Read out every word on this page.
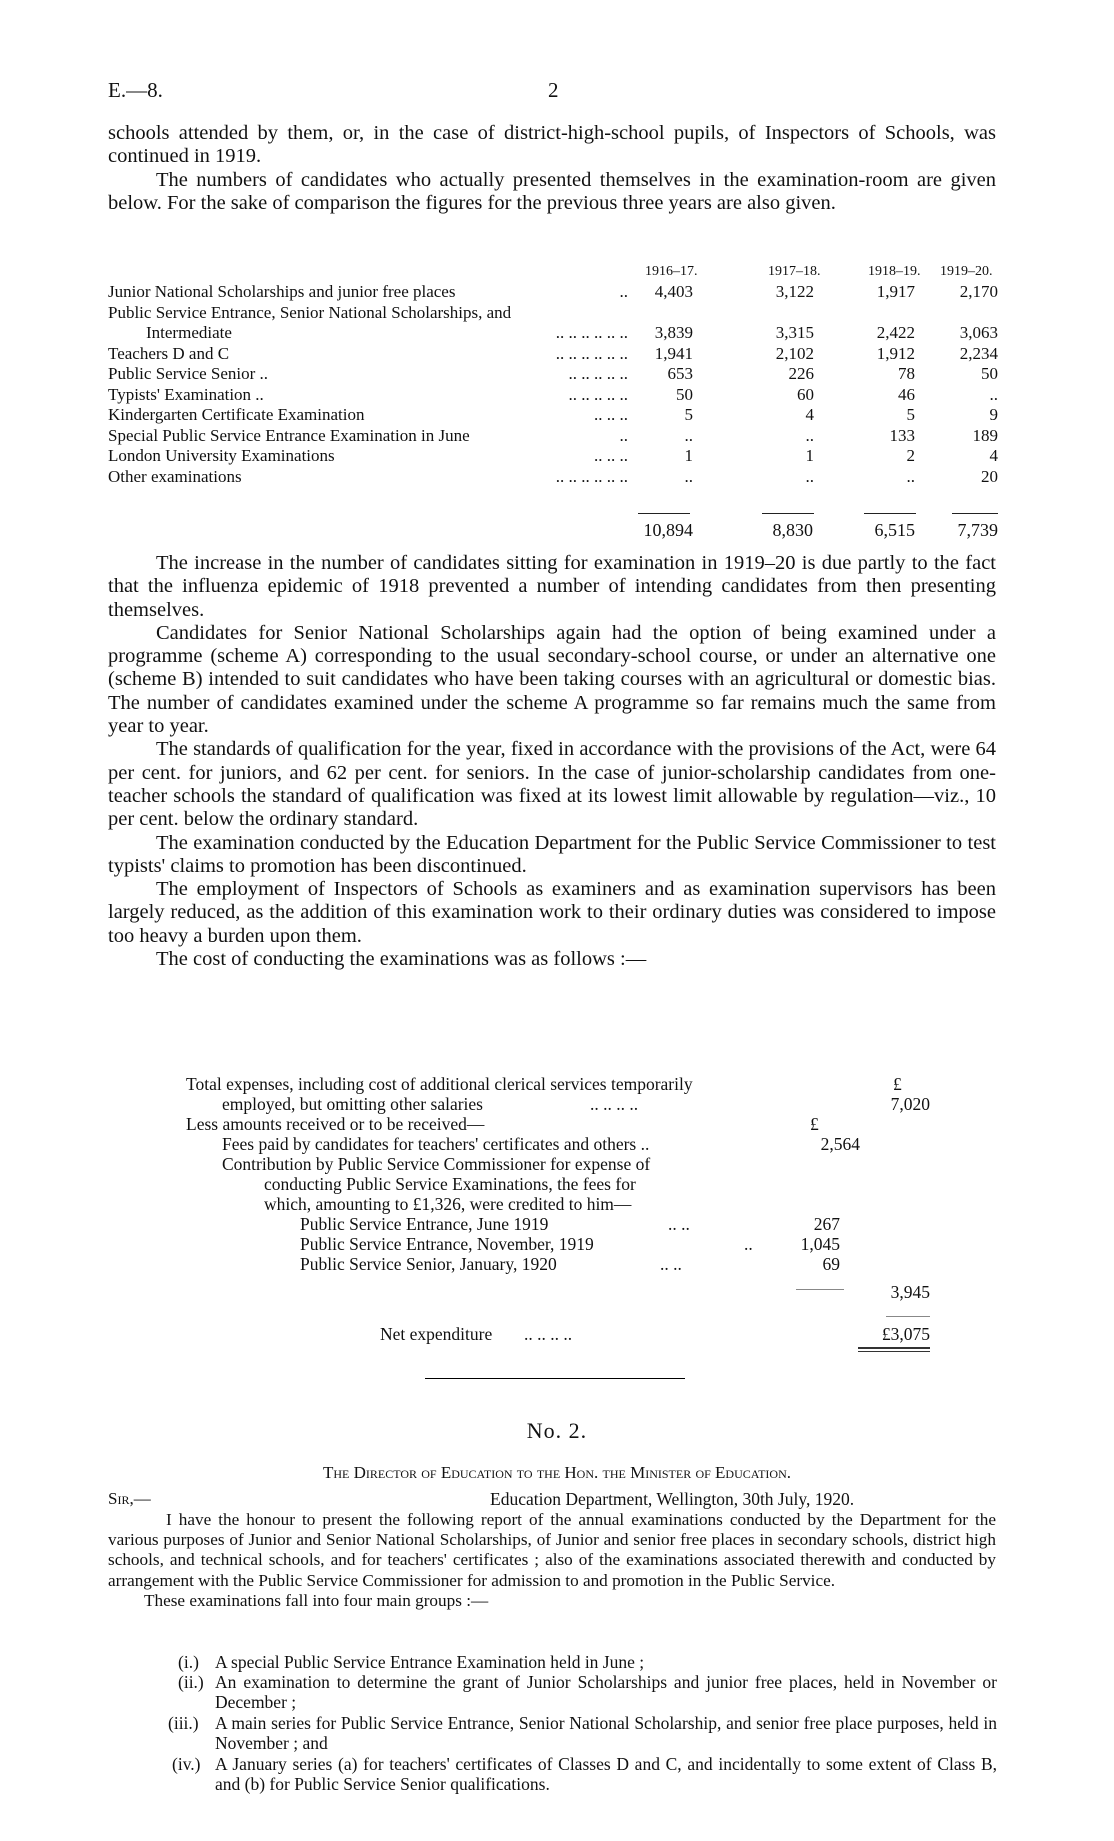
E.—8.	2

schools attended by them, or, in the case of district-high-school pupils, of Inspectors of Schools, was continued in 1919.

The numbers of candidates who actually presented themselves in the examination-room are given below. For the sake of comparison the figures for the previous three years are also given.

1916–17.	1917–18.	1918–19. 1919–20.
Junior National Scholarships and junior free places	..	4,403	3,122	1,917	2,170
Public Service Entrance, Senior National Scholarships, and
Intermediate	.. .. .. .. .. ..	3,839	3,315	2,422	3,063
Teachers D and C	.. .. .. .. .. ..	1,941	2,102	1,912	2,234
Public Service Senior ..	.. .. .. .. ..	653	226	78	50
Typists' Examination ..	.. .. .. .. ..	50	60	46	..
Kindergarten Certificate Examination	.. .. ..	5	4	5	9
Special Public Service Entrance Examination in June	..	..	..	133	189
London University Examinations	.. .. ..	1	1	2	4
Other examinations	.. .. .. .. .. ..	..	..	..	20
10,894	8,830	6,515	7,739

The increase in the number of candidates sitting for examination in 1919–20 is due partly to the fact that the influenza epidemic of 1918 prevented a number of intending candidates from then presenting themselves.

Candidates for Senior National Scholarships again had the option of being examined under a programme (scheme A) corresponding to the usual secondary-school course, or under an alternative one (scheme B) intended to suit candidates who have been taking courses with an agricultural or domestic bias. The number of candidates examined under the scheme A programme so far remains much the same from year to year.

The standards of qualification for the year, fixed in accordance with the provisions of the Act, were 64 per cent. for juniors, and 62 per cent. for seniors. In the case of junior-scholarship candidates from one-teacher schools the standard of qualification was fixed at its lowest limit allowable by regulation—viz., 10 per cent. below the ordinary standard.

The examination conducted by the Education Department for the Public Service Commissioner to test typists' claims to promotion has been discontinued.

The employment of Inspectors of Schools as examiners and as examination supervisors has been largely reduced, as the addition of this examination work to their ordinary duties was considered to impose too heavy a burden upon them.

The cost of conducting the examinations was as follows :—

Total expenses, including cost of additional clerical services temporarily	£
employed, but omitting other salaries	.. .. .. ..	7,020
Less amounts received or to be received—	£
Fees paid by candidates for teachers' certificates and others ..	2,564
Contribution by Public Service Commissioner for expense of
conducting Public Service Examinations, the fees for
which, amounting to £1,326, were credited to him—
Public Service Entrance, June 1919	.. ..	267
Public Service Entrance, November, 1919	..	1,045
Public Service Senior, January, 1920	.. ..	69
3,945
Net expenditure .. .. .. ..	£3,075
No. 2.
The Director of Education to the Hon. the Minister of Education.
Sir,—	Education Department, Wellington, 30th July, 1920.

I have the honour to present the following report of the annual examinations conducted by the Department for the various purposes of Junior and Senior National Scholarships, of Junior and senior free places in secondary schools, district high schools, and technical schools, and for teachers' certificates ; also of the examinations associated therewith and conducted by arrangement with the Public Service Commissioner for admission to and promotion in the Public Service.

These examinations fall into four main groups :—

(i.) A special Public Service Entrance Examination held in June ;
(ii.) An examination to determine the grant of Junior Scholarships and junior free places, held in November or December ;
(iii.) A main series for Public Service Entrance, Senior National Scholarship, and senior free place purposes, held in November ; and
(iv.) A January series (a) for teachers' certificates of Classes D and C, and incidentally to some extent of Class B, and (b) for Public Service Senior qualifications.
